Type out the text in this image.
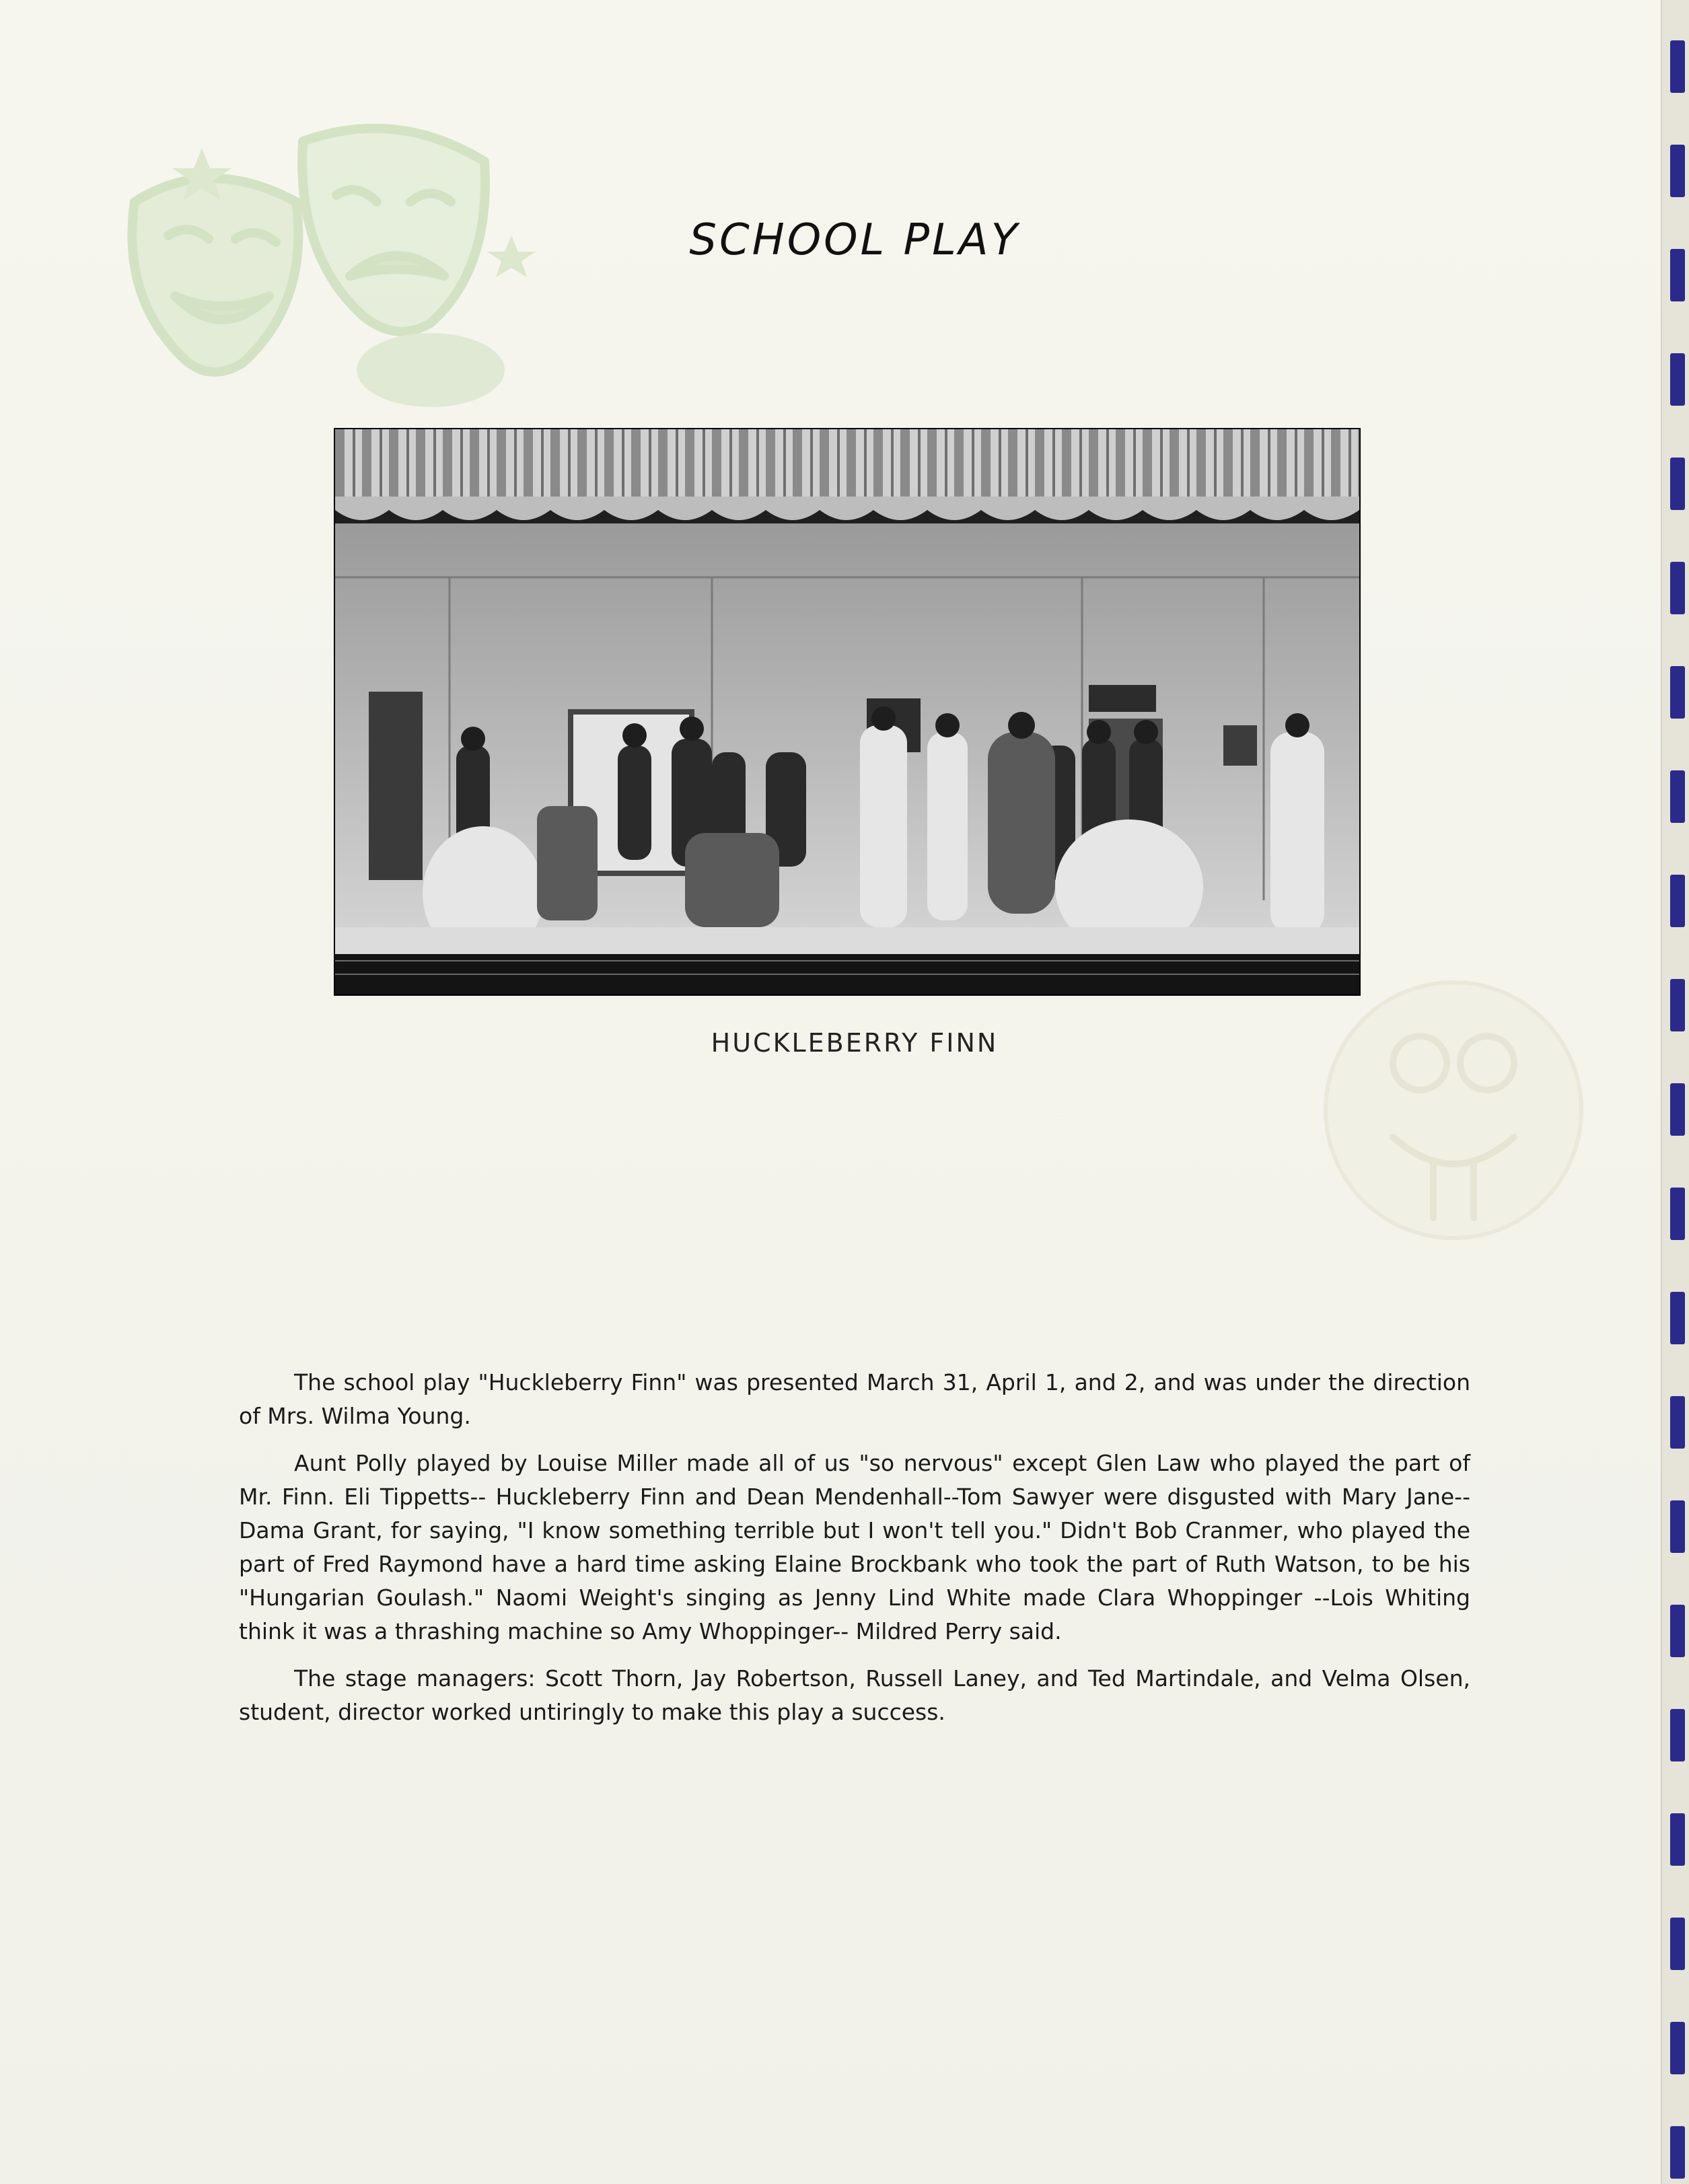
SCHOOL PLAY
HUCKLEBERRY FINN

The school play "Huckleberry Finn" was presented March 31, April 1, and 2, and was under the direction of Mrs. Wilma Young.

Aunt Polly played by Louise Miller made all of us "so nervous" except Glen Law who played the part of Mr. Finn. Eli Tippetts-- Huckleberry Finn and Dean Mendenhall--Tom Sawyer were disgusted with Mary Jane--Dama Grant, for saying, "I know something terrible but I won't tell you." Didn't Bob Cranmer, who played the part of Fred Raymond have a hard time asking Elaine Brockbank who took the part of Ruth Watson, to be his "Hungarian Goulash." Naomi Weight's singing as Jenny Lind White made Clara Whoppinger --Lois Whiting think it was a thrashing machine so Amy Whoppinger-- Mildred Perry said.

The stage managers: Scott Thorn, Jay Robertson, Russell Laney, and Ted Martindale, and Velma Olsen, student, director worked untiringly to make this play a success.
